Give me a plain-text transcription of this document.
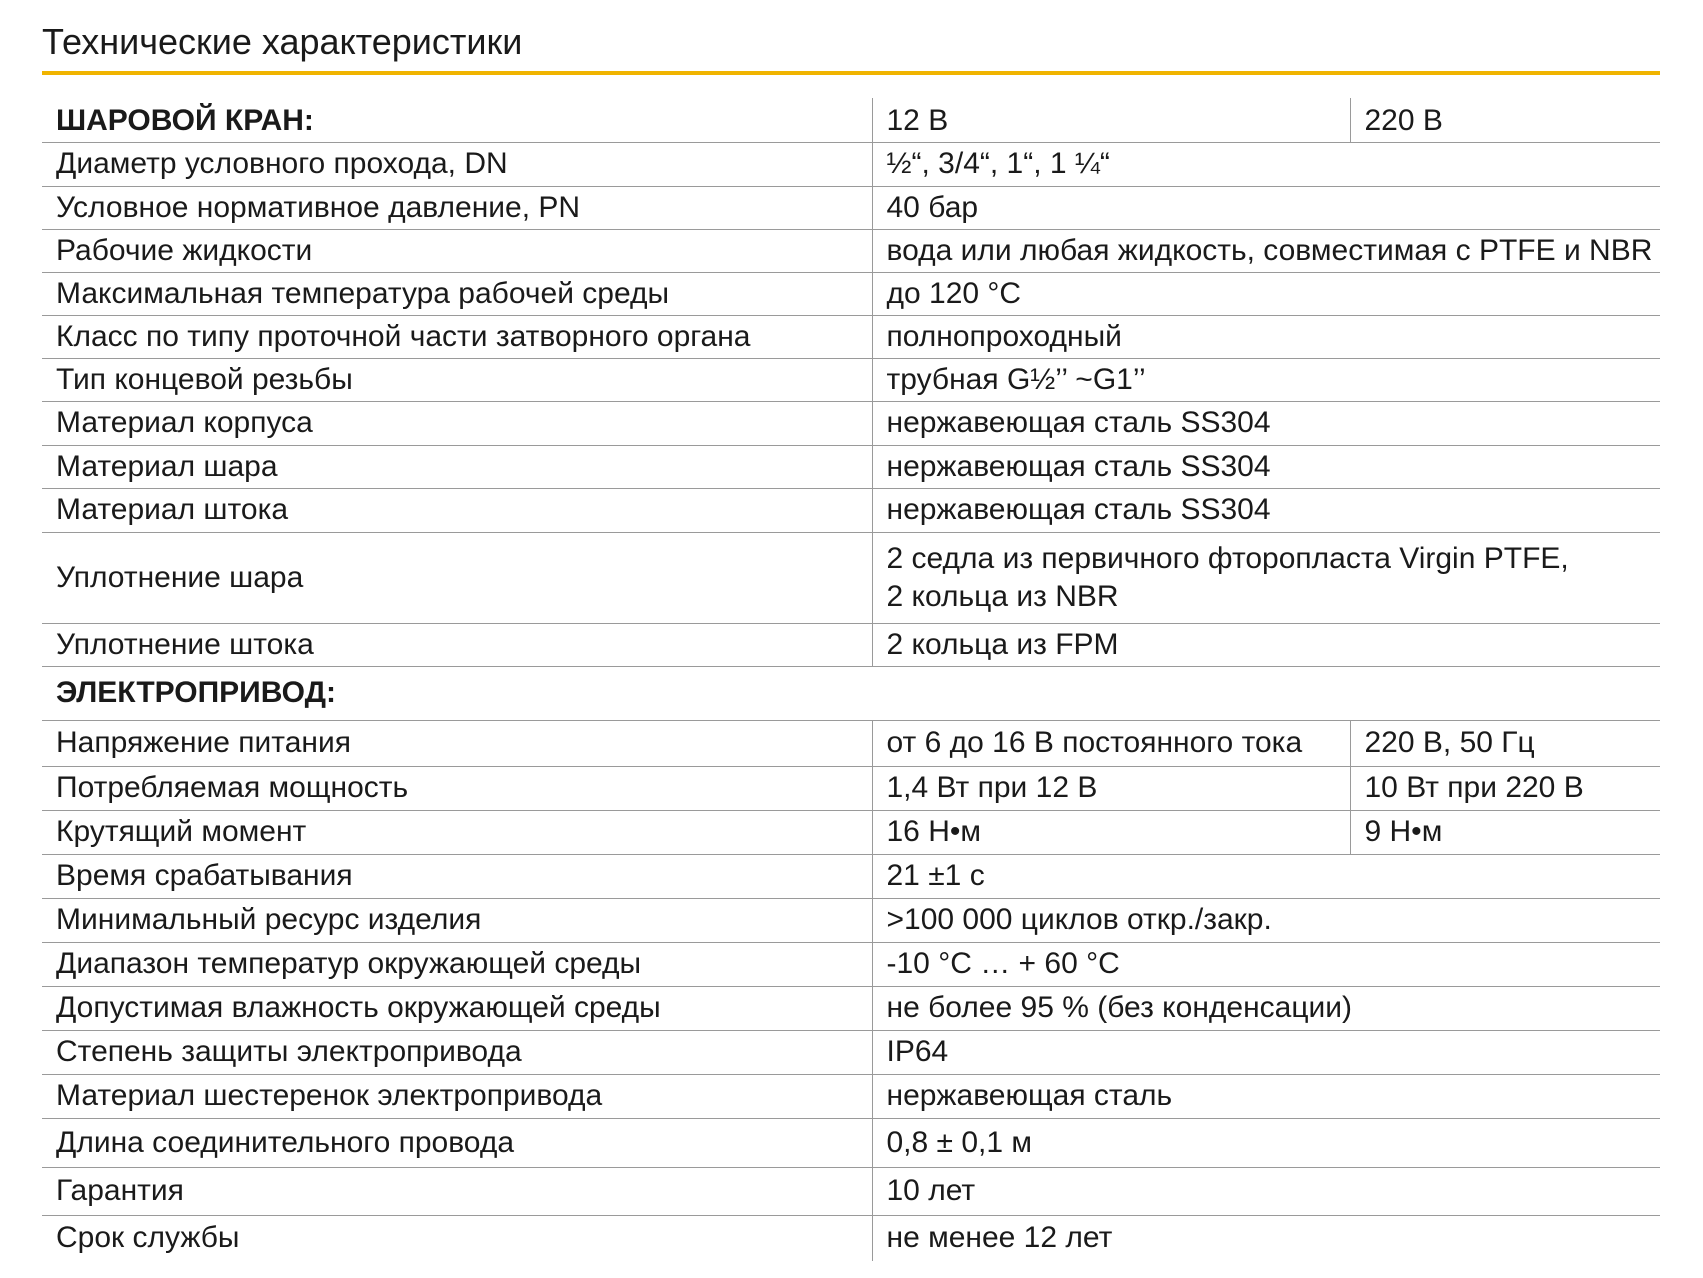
Технические характеристики
ШАРОВОЙ КРАН:	12 В	220 В
Диаметр условного прохода, DN	½“, 3/4“, 1“, 1 ¼“	
Условное нормативное давление, PN	40 бар	
Рабочие жидкости	вода или любая жидкость, совместимая с PTFE и NBR	
Максимальная температура рабочей среды	до 120 °С	
Класс по типу проточной части затворного органа	полнопроходный	
Тип концевой резьбы	трубная G½’’ ~G1’’	
Материал корпуса	нержавеющая сталь SS304	
Материал шара	нержавеющая сталь SS304	
Материал штока	нержавеющая сталь SS304	
Уплотнение шара	2 седла из первичного фторопласта Virgin PTFE,
2 кольца из NBR	

Уплотнение штока	2 кольца из FPM	
ЭЛЕКТРОПРИВОД:		
Напряжение питания	от 6 до 16 В постоянного тока	220 В, 50 Гц
Потребляемая мощность	1,4 Вт при 12 В	10 Вт при 220 В
Крутящий момент	16 Н•м	9 Н•м
Время срабатывания	21 ±1 с	
Минимальный ресурс изделия	>100 000 циклов откр./закр.	
Диапазон температур окружающей среды	-10 °С … + 60 °С	
Допустимая влажность окружающей среды	не более 95 % (без конденсации)	
Степень защиты электропривода	IP64	
Материал шестеренок электропривода	нержавеющая сталь	
Длина соединительного провода	0,8 ± 0,1 м	
Гарантия	10 лет	
Срок службы	не менее 12 лет	
